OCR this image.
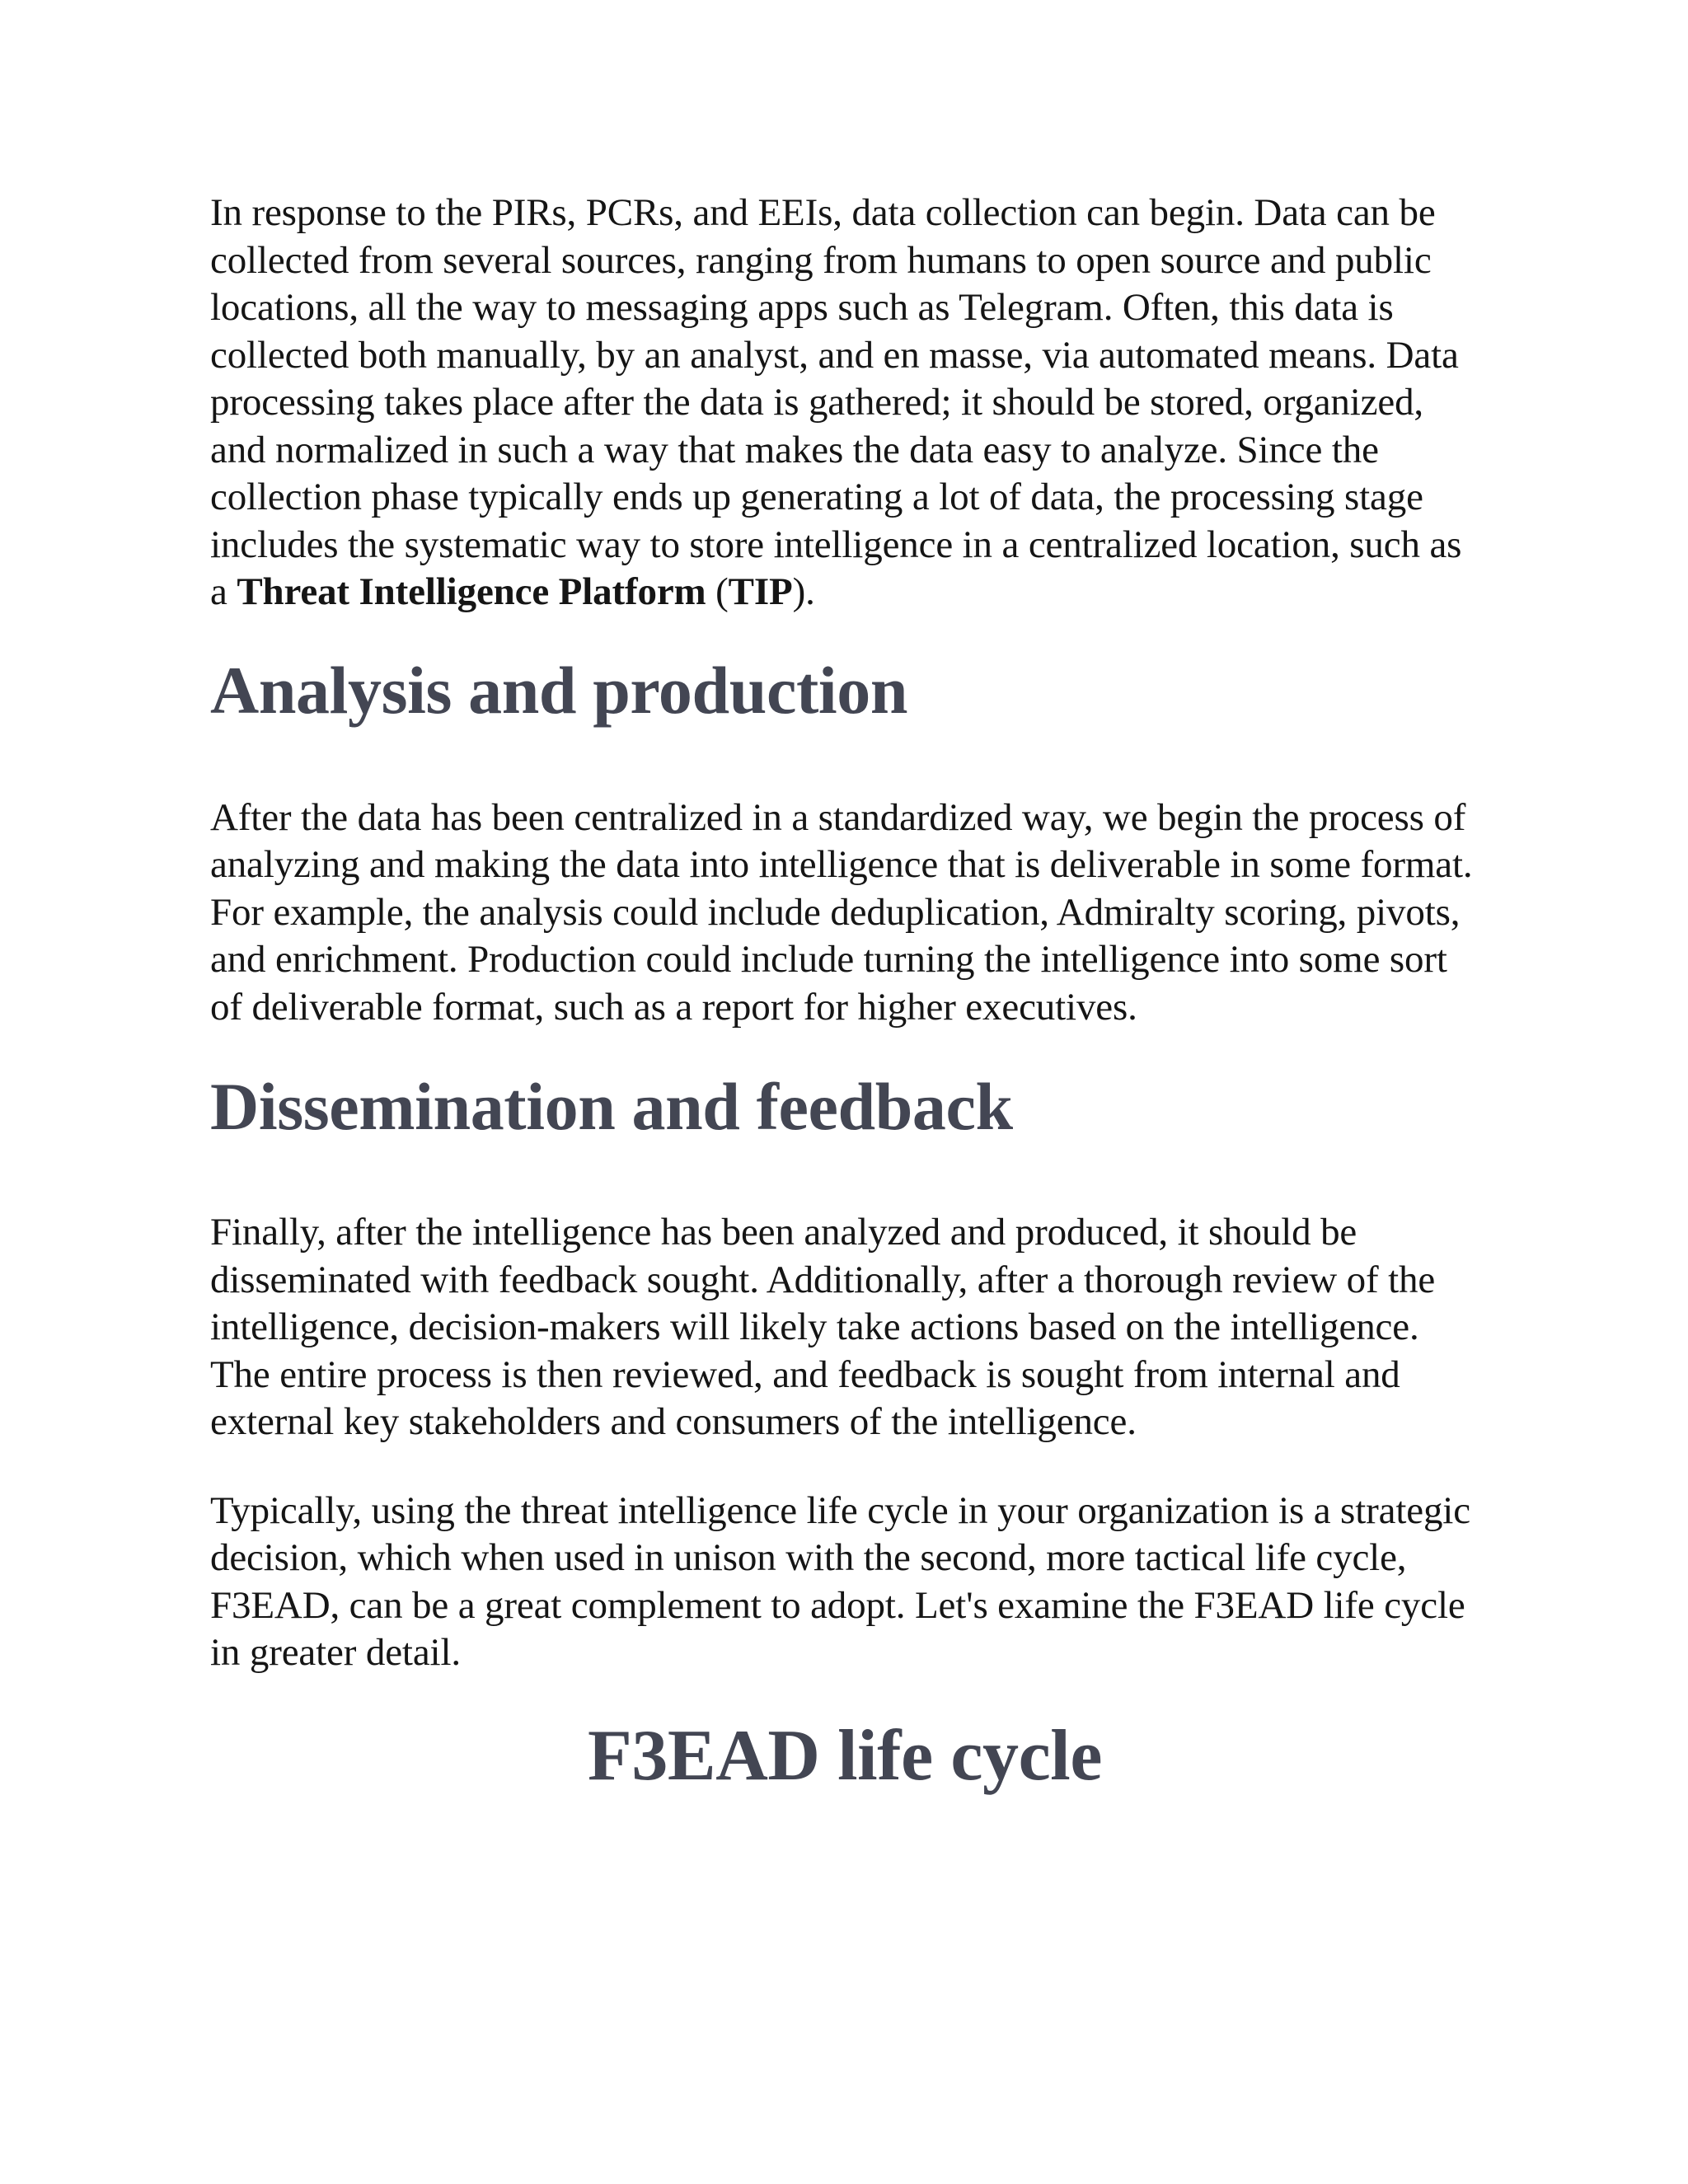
In response to the PIRs, PCRs, and EEIs, data collection can begin. Data can be collected from several sources, ranging from humans to open source and public locations, all the way to messaging apps such as Telegram. Often, this data is collected both manually, by an analyst, and en masse, via automated means. Data processing takes place after the data is gathered; it should be stored, organized, and normalized in such a way that makes the data easy to analyze. Since the collection phase typically ends up generating a lot of data, the processing stage includes the systematic way to store intelligence in a centralized location, such as a Threat Intelligence Platform (TIP).

Analysis and production

After the data has been centralized in a standardized way, we begin the process of analyzing and making the data into intelligence that is deliverable in some format. For example, the analysis could include deduplication, Admiralty scoring, pivots, and enrichment. Production could include turning the intelligence into some sort of deliverable format, such as a report for higher executives.

Dissemination and feedback

Finally, after the intelligence has been analyzed and produced, it should be disseminated with feedback sought. Additionally, after a thorough review of the intelligence, decision-makers will likely take actions based on the intelligence. The entire process is then reviewed, and feedback is sought from internal and external key stakeholders and consumers of the intelligence.

Typically, using the threat intelligence life cycle in your organization is a strategic decision, which when used in unison with the second, more tactical life cycle, F3EAD, can be a great complement to adopt. Let's examine the F3EAD life cycle in greater detail.

F3EAD life cycle
